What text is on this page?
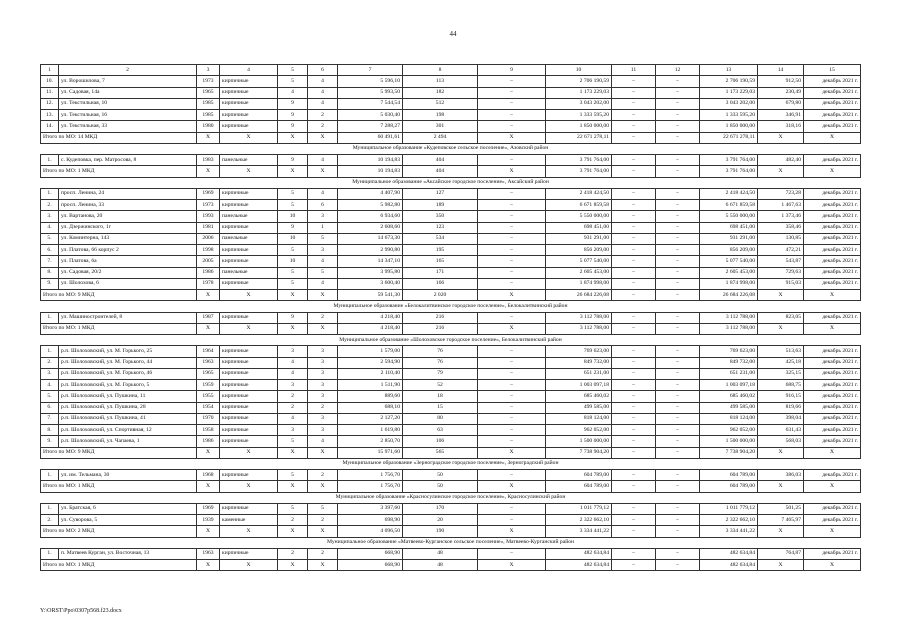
44
1	2	3	4	5	6	7	8	9	10	11	12	13	14	15
10.	ул. Ворошилова, 7	1973	кирпичные	5	4	5 596,10	113	–	2 706 190,59	–	–	2 706 190,59	912,50	декабрь 2021 г.
11.	ул. Садовая, 14а	1965	кирпичные	4	4	5 993,50	182	–	1 173 229,03	–	–	1 173 229,03	230,49	декабрь 2021 г.
12.	ул. Текстильная, 10	1985	кирпичные	9	4	7 544,54	512	–	3 043 202,00	–	–	3 043 202,00	679,80	декабрь 2021 г.
13.	ул. Текстильная, 16	1985	кирпичные	9	2	5 030,40	198	–	1 333 595,20	–	–	1 333 595,20	346,91	декабрь 2021 г.
14.	ул. Текстильная, 33	1980	кирпичные	9	2	7 288,27	301	–	1 850 000,00	–	–	1 850 000,00	318,16	декабрь 2021 г.
Итого по МО: 14 МКД		X	X	X	X	60 491,61	2 494	X	22 671 278,11	–	–	22 671 278,11	X	X
Муниципальное образование «Кудеповское сельское поселение», Азовский район														
1.	с. Кудеповка, пер. Матросова, 8	1983	панельные	9	4	10 194,83	404	–	3 791 764,00	–	–	3 791 764,00	482,40	декабрь 2021 г.
Итого по МО: 1 МКД		X	X	X	X	10 194,83	404	X	3 791 764,00	–	–	3 791 764,00	X	X
Муниципальное образование «Аксайское городское поселение», Аксайский район														
1.	просп. Ленина, 24	1969	кирпичные	5	4	4 407,90	127	–	2 418 424,50	–	–	2 418 424,50	723,28	декабрь 2021 г.
2.	просп. Ленина, 33	1973	кирпичные	5	6	5 982,80	189	–	6 671 859,58	–	–	6 671 859,58	1 467,63	декабрь 2021 г.
3.	ул. Вартанова, 20	1993	панельные	10	3	6 934,60	350	–	5 550 000,00	–	–	5 550 000,00	1 373,46	декабрь 2021 г.
4.	ул. Дзержинского, 1г	1981	кирпичные	9	1	2 608,60	123	–	698 451,00	–	–	698 451,00	358,46	декабрь 2021 г.
5.	ул. Коминтерна, 143	2006	панельные	10	5	14 673,30	534	–	931 291,00	–	–	931 291,00	130,85	декабрь 2021 г.
6.	ул. Платова, 66 корпус 2	1998	кирпичные	5	3	2 990,80	195	–	856 209,00	–	–	856 209,00	472,21	декабрь 2021 г.
7.	ул. Платова, 6а	2005	кирпичные	10	4	14 347,10	165	–	5 077 540,00	–	–	5 077 540,00	543,87	декабрь 2021 г.
8.	ул. Садовая, 20/2	1986	панельные	5	5	3 995,80	171	–	2 605 453,00	–	–	2 605 453,00	729,63	декабрь 2021 г.
9.	ул. Шолохова, 6	1978	кирпичные	5	4	3 600,40	166	–	1 874 998,00	–	–	1 874 998,00	915,03	декабрь 2021 г.
Итого по МО: 9 МКД		X	X	X	X	59 541,30	2 020	X	26 684 226,08	–	–	26 684 226,08	X	X
Муниципальное образование «Белокалитвинское городское поселение», Белокалитвинский район														
1.	ул. Машиностроителей, 8	1987	кирпичные	9	2	4 218,40	216	–	3 112 788,00	–	–	3 112 788,00	823,05	декабрь 2021 г.
Итого по МО: 1 МКД		X	X	X	X	4 218,40	216	X	3 112 788,00	–	–	3 112 788,00	X	X
Муниципальное образование «Шолоховское городское поселение», Белокалитвинский район														
1.	р.п. Шолоховский, ул. М. Горького, 25	1964	кирпичные	3	3	1 579,00	76	–	769 623,00	–	–	769 623,00	513,63	декабрь 2021 г.
2.	р.п. Шолоховский, ул. М. Горького, 44	1963	кирпичные	4	3	2 594,90	76	–	849 732,00	–	–	849 732,00	425,18	декабрь 2021 г.
3.	р.п. Шолоховский, ул. М. Горького, 46	1965	кирпичные	4	3	2 110,40	79	–	651 231,00	–	–	651 231,00	325,15	декабрь 2021 г.
4.	р.п. Шолоховский, ул. М. Горького, 5	1959	кирпичные	3	3	1 511,90	52	–	1 003 097,18	–	–	1 003 097,18	688,75	декабрь 2021 г.
5.	р.п. Шолоховский, ул. Пушкина, 11	1955	кирпичные	2	3	889,60	18	–	685 460,02	–	–	685 460,02	916,15	декабрь 2021 г.
6.	р.п. Шолоховский, ул. Пушкина, 28	1954	кирпичные	2	2	688,10	15	–	499 585,00	–	–	499 585,00	819,66	декабрь 2021 г.
7.	р.п. Шолоховский, ул. Пушкина, 41	1970	кирпичные	4	3	2 127,20	80	–	818 124,00	–	–	818 124,00	398,04	декабрь 2021 г.
8.	р.п. Шолоховский, ул. Спортивная, 12	1958	кирпичные	3	3	1 619,80	63	–	962 052,00	–	–	962 052,00	631,43	декабрь 2021 г.
9.	р.п. Шолоховский, ул. Чапаева, 1	1986	кирпичные	5	4	2 850,70	106	–	1 500 000,00	–	–	1 500 000,00	568,03	декабрь 2021 г.
Итого по МО: 9 МКД		X	X	X	X	15 971,60	565	X	7 738 904,20	–	–	7 738 904,20	X	X
Муниципальное образование «Зерноградское городское поселение», Зерноградский район														
1.	ул. им. Тельмана, 30	1968	кирпичные	5	2	1 756,70	50	–	604 789,00	–	–	604 789,00	386,03	декабрь 2021 г.
Итого по МО: 1 МКД		X	X	X	X	1 756,70	50	X	604 789,00	–	–	604 789,00	X	X
Муниципальное образование «Красносулинское городское поселение», Красносулинский район														
1.	ул. Братская, 6	1969	кирпичные	5	5	3 397,60	170	–	1 011 779,12	–	–	1 011 779,12	501,25	декабрь 2021 г.
2.	ул. Суворова, 5	1939	каменные	2	2	698,90	20	–	2 322 662,10	–	–	2 322 662,10	7 465,97	декабрь 2021 г.
Итого по МО: 2 МКД		X	X	X	X	4 096,50	190	X	3 334 441,22	–	–	3 334 441,22	X	X
Муниципальное образование «Матвеево-Курганское сельское поселение», Матвеево-Курганский район														
1.	п. Матвеев Курган, ул. Восточная, 13	1963	кирпичные	2	2	668,90	48	–	482 634,84	–	–	482 634,84	764,87	декабрь 2021 г.
Итого по МО: 1 МКД		X	X	X	X	668,90	48	X	482 634,84	–	–	482 634,84	X	X
Y:\ORST\Ppo\0307p568.f23.docx
